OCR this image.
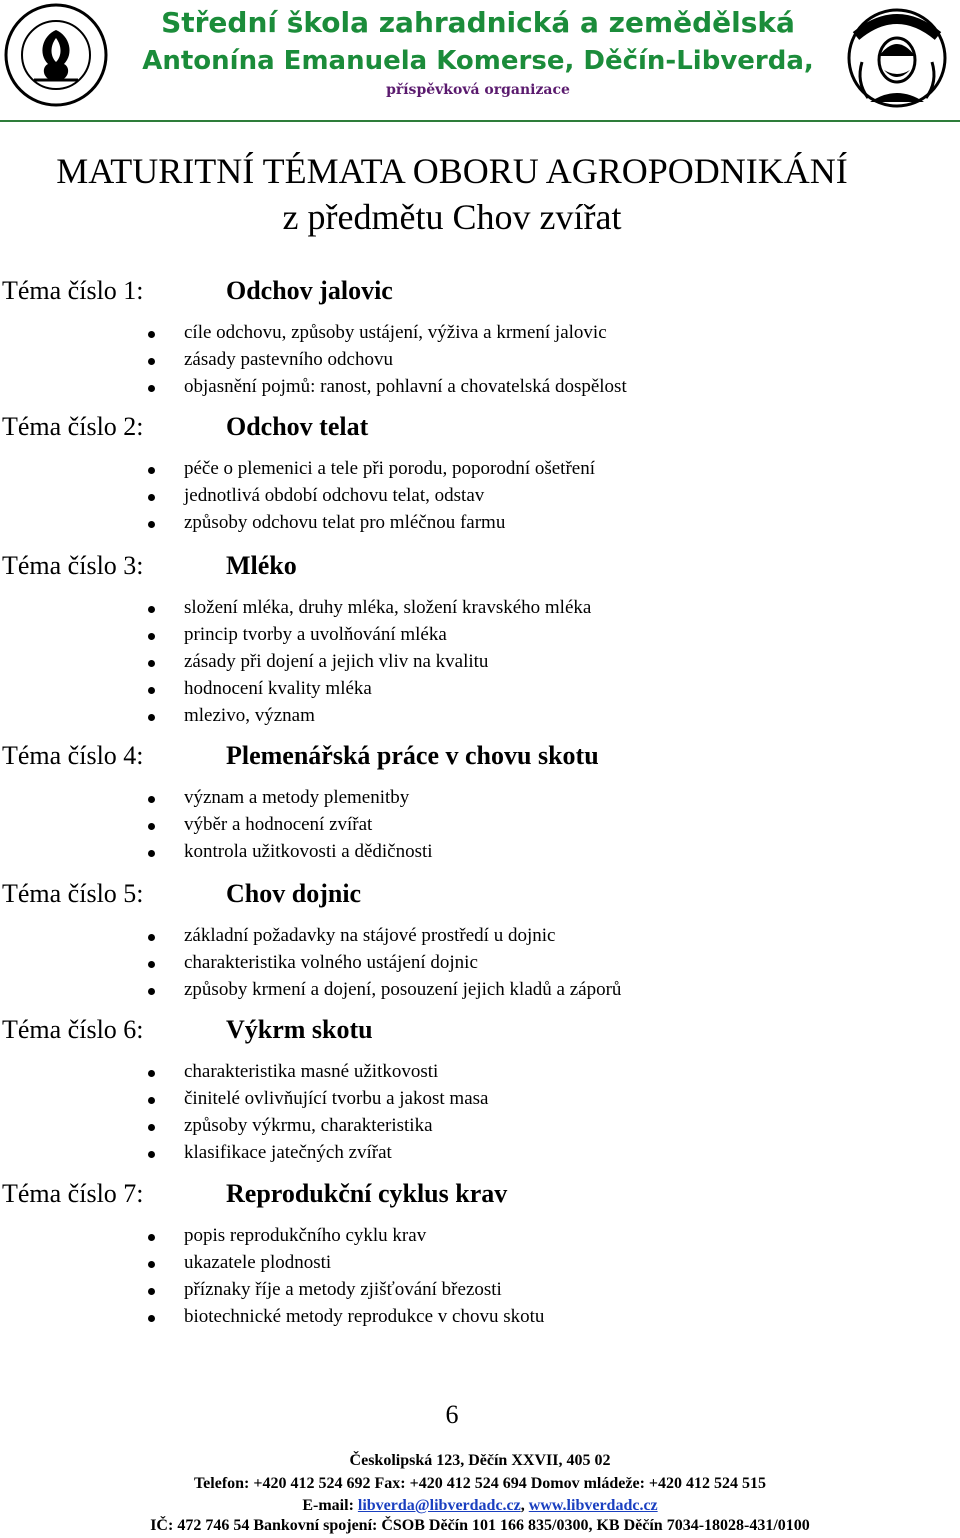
Střední škola zahradnická a zemědělská
Antonína Emanuela Komerse, Děčín-Libverda,
příspěvková organizace
MATURITNÍ TÉMATA OBORU AGROPODNIKÁNÍ
z předmětu Chov zvířat
Téma číslo 1:	Odchov jalovic
cíle odchovu, způsoby ustájení, výživa a krmení jalovic
zásady pastevního odchovu
objasnění pojmů: ranost, pohlavní a chovatelská dospělost
Téma číslo 2:	Odchov telat
péče o plemenici a tele při porodu, poporodní ošetření
jednotlivá období odchovu telat, odstav
způsoby odchovu telat pro mléčnou farmu
Téma číslo 3:	Mléko
složení mléka, druhy mléka, složení kravského mléka
princip tvorby a uvolňování mléka
zásady při dojení a jejich vliv na kvalitu
hodnocení kvality mléka
mlezivo, význam
Téma číslo 4:	Plemenářská práce v chovu skotu
význam a metody plemenitby
výběr a hodnocení zvířat
kontrola užitkovosti a dědičnosti
Téma číslo 5:	Chov dojnic
základní požadavky na stájové prostředí u dojnic
charakteristika volného ustájení dojnic
způsoby krmení a dojení, posouzení jejich kladů a záporů
Téma číslo 6:	Výkrm skotu
charakteristika masné užitkovosti
činitelé ovlivňující tvorbu a jakost masa
způsoby výkrmu, charakteristika
klasifikace jatečných zvířat
Téma číslo 7:	Reprodukční cyklus krav
popis reprodukčního cyklu krav
ukazatele plodnosti
příznaky říje a metody zjišťování březosti
biotechnické metody reprodukce v chovu skotu
6
Českolipská 123, Děčín XXVII, 405 02
Telefon: +420 412 524 692 Fax: +420 412 524 694 Domov mládeže: +420 412 524 515
E-mail: libverda@libverdadc.cz, www.libverdadc.cz
IČ: 472 746 54 Bankovní spojení: ČSOB Děčín 101 166 835/0300, KB Děčín 7034-18028-431/0100
